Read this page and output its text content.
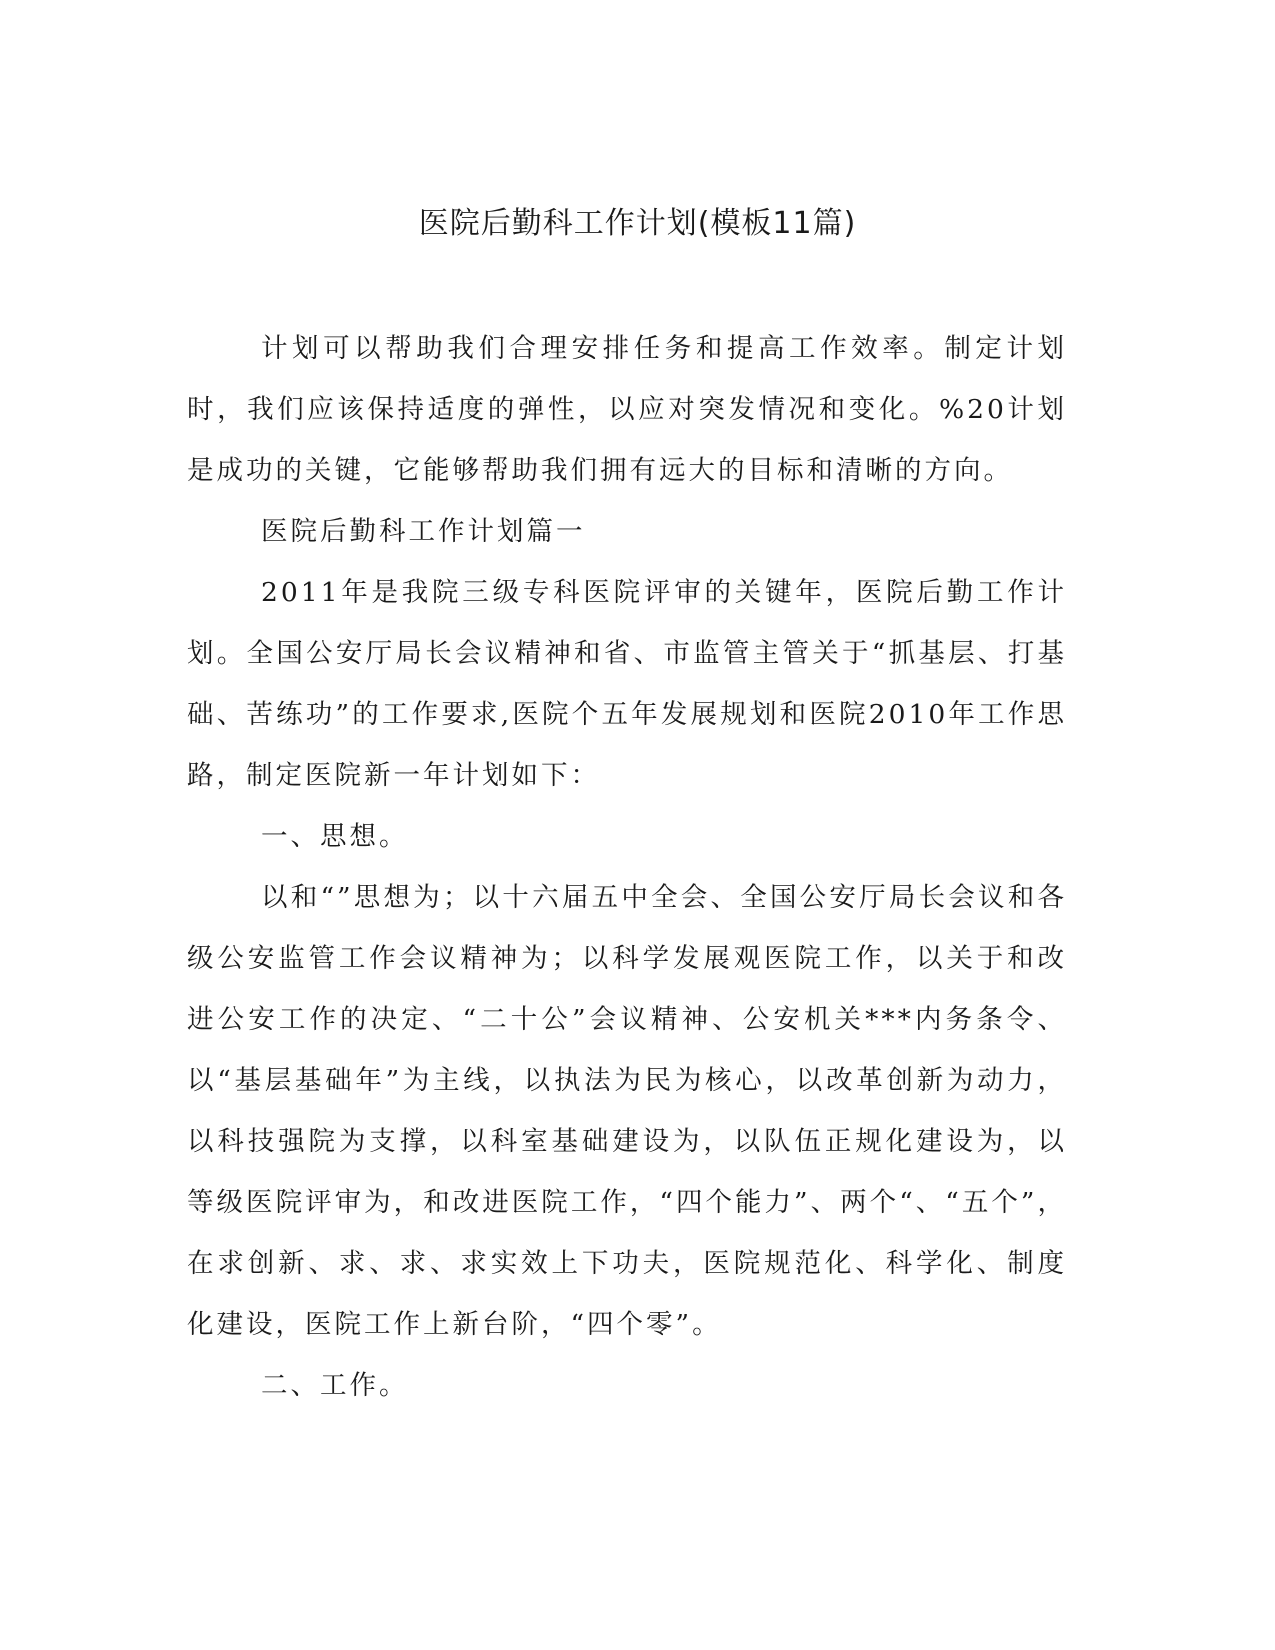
医院后勤科工作计划(模板11篇)

计划可以帮助我们合理安排任务和提高工作效率。制定计划时，我们应该保持适度的弹性，以应对突发情况和变化。%20计划是成功的关键，它能够帮助我们拥有远大的目标和清晰的方向。

医院后勤科工作计划篇一

2011年是我院三级专科医院评审的关键年，医院后勤工作计划。全国公安厅局长会议精神和省、市监管主管关于“抓基层、打基础、苦练功”的工作要求,医院个五年发展规划和医院2010年工作思路，制定医院新一年计划如下：

一、思想。

以和“”思想为；以十六届五中全会、全国公安厅局长会议和各级公安监管工作会议精神为；以科学发展观医院工作，以关于和改进公安工作的决定、“二十公”会议精神、公安机关***内务条令、以“基层基础年”为主线，以执法为民为核心，以改革创新为动力，以科技强院为支撑，以科室基础建设为，以队伍正规化建设为，以等级医院评审为，和改进医院工作，“四个能力”、两个“、“五个”，在求创新、求、求、求实效上下功夫，医院规范化、科学化、制度化建设，医院工作上新台阶，“四个零”。

二、工作。
